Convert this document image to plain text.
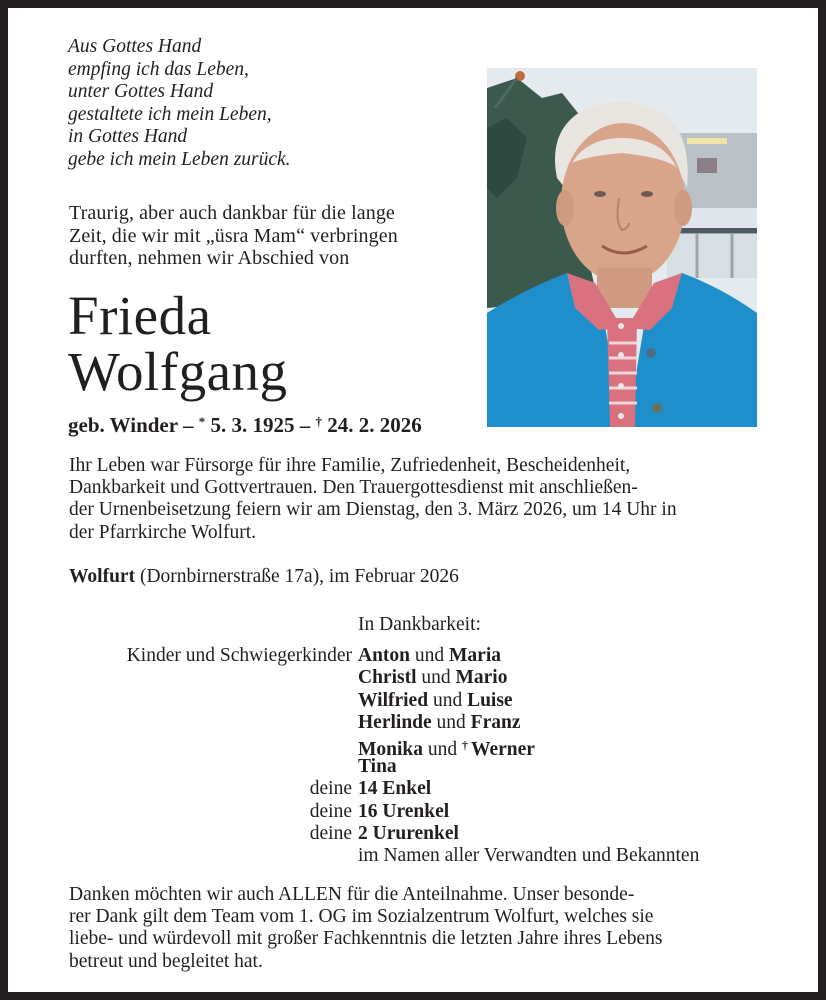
Aus Gottes Hand
empfing ich das Leben,
unter Gottes Hand
gestaltete ich mein Leben,
in Gottes Hand
gebe ich mein Leben zurück.
Traurig, aber auch dankbar für die lange
Zeit, die wir mit „üsra Mam“ verbringen
durften, nehmen wir Abschied von
Frieda
Wolfgang
geb. Winder – * 5. 3. 1925 – † 24. 2. 2026
Ihr Leben war Fürsorge für ihre Familie, Zufriedenheit, Bescheidenheit,
Dankbarkeit und Gottvertrauen. Den Trauergottesdienst mit anschließen-
der Urnenbeisetzung feiern wir am Dienstag, den 3. März 2026, um 14 Uhr in
der Pfarrkirche Wolfurt.
Wolfurt (Dornbirnerstraße 17a), im Februar 2026
In Dankbarkeit:
Kinder und Schwiegerkinder Anton und Maria
Christl und Mario
Wilfried und Luise
Herlinde und Franz
Monika und † Werner
Tina
deine 14 Enkel
deine 16 Urenkel
deine 2 Ururenkel
im Namen aller Verwandten und Bekannten
Danken möchten wir auch ALLEN für die Anteilnahme. Unser besonde-
rer Dank gilt dem Team vom 1. OG im Sozialzentrum Wolfurt, welches sie
liebe- und würdevoll mit großer Fachkenntnis die letzten Jahre ihres Lebens
betreut und begleitet hat.
